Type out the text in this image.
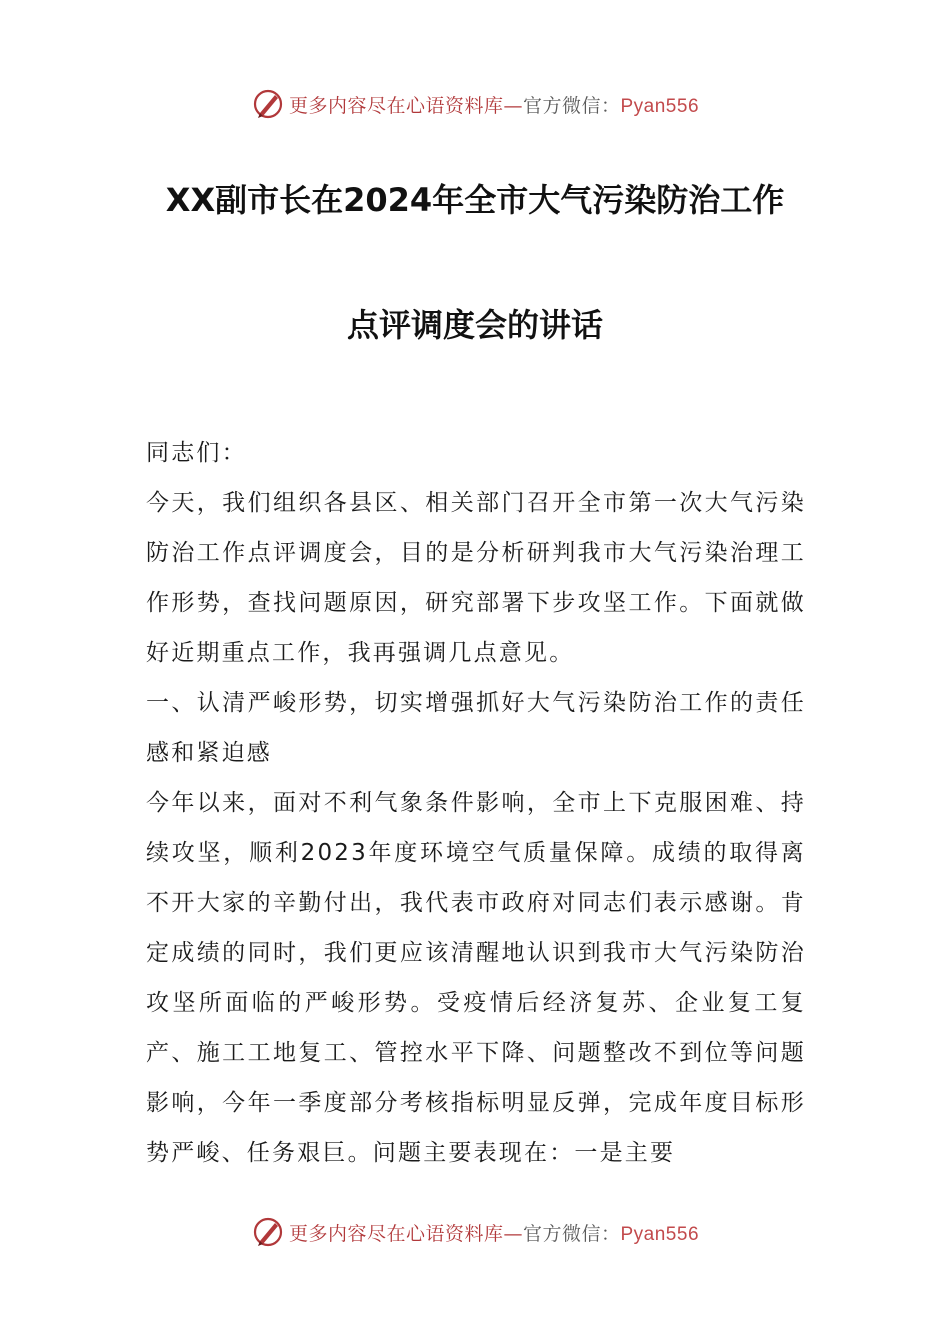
更多内容尽在心语资料库—官方微信：Pyan556
XX副市长在2024年全市大气污染防治工作
点评调度会的讲话

同志们：

今天，我们组织各县区、相关部门召开全市第一次大气污染防治工作点评调度会，目的是分析研判我市大气污染治理工作形势，查找问题原因，研究部署下步攻坚工作。下面就做好近期重点工作，我再强调几点意见。

一、认清严峻形势，切实增强抓好大气污染防治工作的责任感和紧迫感

今年以来，面对不利气象条件影响，全市上下克服困难、持续攻坚，顺利2023年度环境空气质量保障。成绩的取得离不开大家的辛勤付出，我代表市政府对同志们表示感谢。肯定成绩的同时，我们更应该清醒地认识到我市大气污染防治攻坚所面临的严峻形势。受疫情后经济复苏、企业复工复产、施工工地复工、管控水平下降、问题整改不到位等问题影响，今年一季度部分考核指标明显反弹，完成年度目标形势严峻、任务艰巨。问题主要表现在：一是主要

更多内容尽在心语资料库—官方微信：Pyan556
